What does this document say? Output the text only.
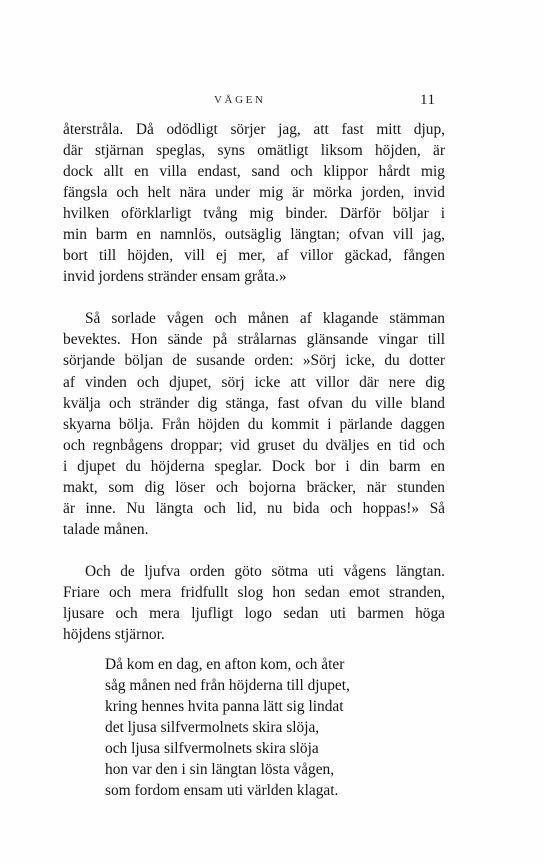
VÅGEN	11

återstråla. Då odödligt sörjer jag, att fast mitt djup,
där stjärnan speglas, syns omätligt liksom höjden, är
dock allt en villa endast, sand och klippor hårdt mig
fängsla och helt nära under mig är mörka jorden, invid
hvilken oförklarligt tvång mig binder. Därför böljar i
min barm en namnlös, outsäglig längtan; ofvan vill jag,
bort till höjden, vill ej mer, af villor gäckad, fången
invid jordens stränder ensam gråta.»

Så sorlade vågen och månen af klagande stämman
bevektes. Hon sände på strålarnas glänsande vingar till
sörjande böljan de susande orden: »Sörj icke, du dotter
af vinden och djupet, sörj icke att villor där nere dig
kvälja och stränder dig stänga, fast ofvan du ville bland
skyarna bölja. Från höjden du kommit i pärlande daggen
och regnbågens droppar; vid gruset du dväljes en tid och
i djupet du höjderna speglar. Dock bor i din barm en
makt, som dig löser och bojorna bräcker, när stunden
är inne. Nu längta och lid, nu bida och hoppas!» Så
talade månen.

Och de ljufva orden göto sötma uti vågens längtan.
Friare och mera fridfullt slog hon sedan emot stranden,
ljusare och mera ljufligt logo sedan uti barmen höga
höjdens stjärnor.

Då kom en dag, en afton kom, och åter
såg månen ned från höjderna till djupet,
kring hennes hvita panna lätt sig lindat
det ljusa silfvermolnets skira slöja,
och ljusa silfvermolnets skira slöja
hon var den i sin längtan lösta vågen,
som fordom ensam uti världen klagat.
